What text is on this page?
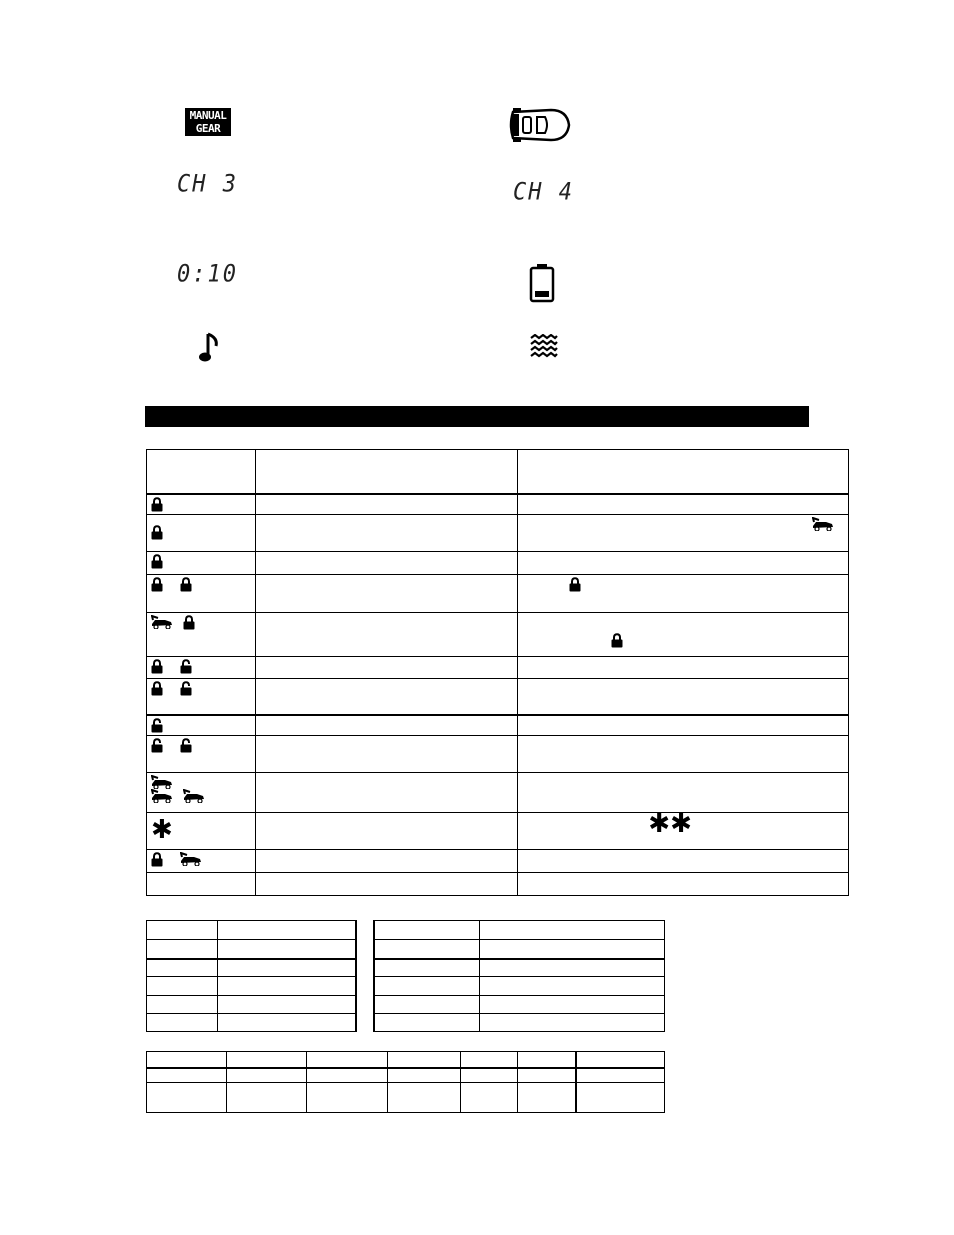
MANUAL
GEAR
CH 3	CH 4
0:10

✱		✱✱
